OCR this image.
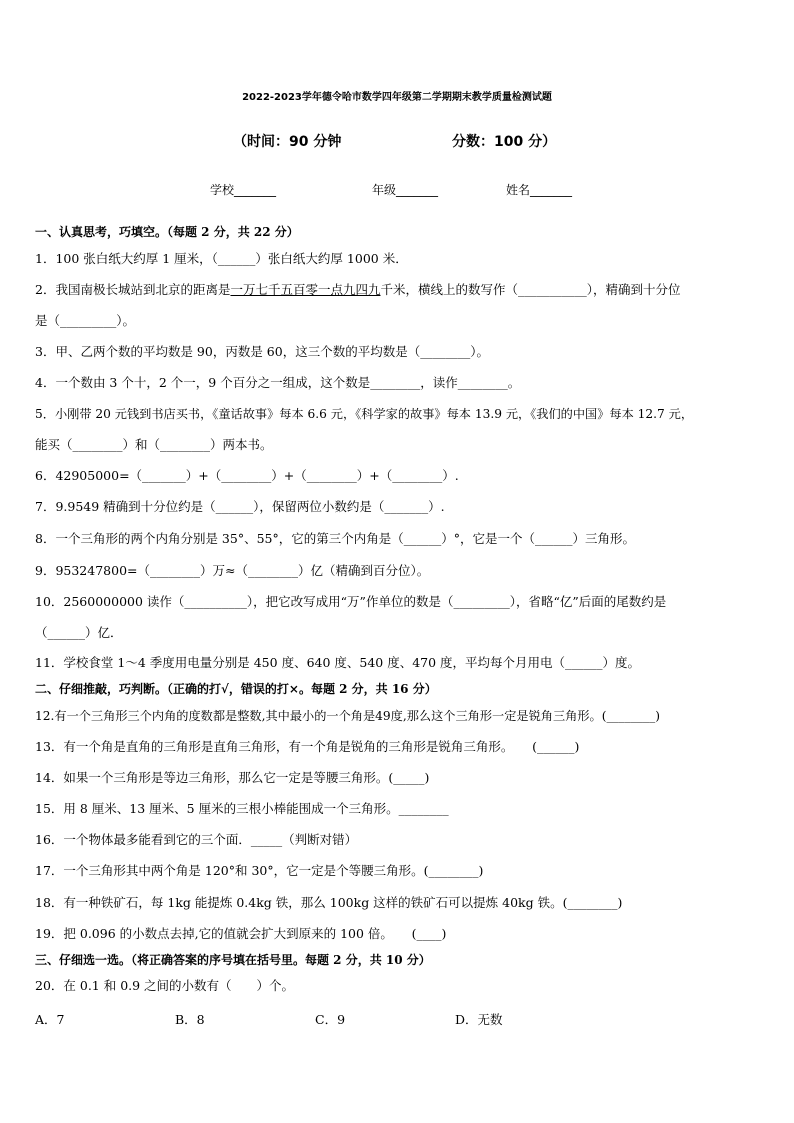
2022-2023学年德令哈市数学四年级第二学期期末教学质量检测试题
（时间：90 分钟	分数：100 分）
学校_______	年级_______	姓名_______
一、认真思考，巧填空。（每题 2 分，共 22 分）
1．100 张白纸大约厚 1 厘米，（______）张白纸大约厚 1000 米．
2．我国南极长城站到北京的距离是一万七千五百零一点九四九千米，横线上的数写作（___________），精确到十分位
是（_________）。
3．甲、乙两个数的平均数是 90，丙数是 60，这三个数的平均数是（________）。
4．一个数由 3 个十，2 个一，9 个百分之一组成，这个数是________，读作________。
5．小刚带 20 元钱到书店买书，《童话故事》每本 6.6 元，《科学家的故事》每本 13.9 元，《我们的中国》每本 12.7 元，
能买（________）和（________）两本书。
6．42905000=（_______）+（________）+（________）+（________）.
7．9.9549 精确到十分位约是（______），保留两位小数约是（_______）.
8．一个三角形的两个内角分别是 35°、55°，它的第三个内角是（______）°，它是一个（______）三角形。
9．953247800=（________）万≈（________）亿（精确到百分位）。
10．2560000000 读作（__________），把它改写成用“万”作单位的数是（_________），省略“亿”后面的尾数约是
（______）亿．
11．学校食堂 1～4 季度用电量分别是 450 度、640 度、540 度、470 度，平均每个月用电（______）度。
二、仔细推敲，巧判断。（正确的打√，错误的打×。每题 2 分，共 16 分）
12.有一个三角形三个内角的度数都是整数,其中最小的一个角是49度,那么这个三角形一定是锐角三角形。(________)
13．有一个角是直角的三角形是直角三角形，有一个角是锐角的三角形是锐角三角形。　　(______)
14．如果一个三角形是等边三角形，那么它一定是等腰三角形。(_____)
15．用 8 厘米、13 厘米、5 厘米的三根小棒能围成一个三角形。________
16．一个物体最多能看到它的三个面．_____（判断对错）
17．一个三角形其中两个角是 120°和 30°，它一定是个等腰三角形。(________)
18．有一种铁矿石，每 1kg 能提炼 0.4kg 铁，那么 100kg 这样的铁矿石可以提炼 40kg 铁。(________)
19．把 0.096 的小数点去掉,它的值就会扩大到原来的 100 倍。　　(____)
三、仔细选一选。（将正确答案的序号填在括号里。每题 2 分，共 10 分）
20．在 0.1 和 0.9 之间的小数有（　　）个。
A．7	B．8	C．9	D．无数
